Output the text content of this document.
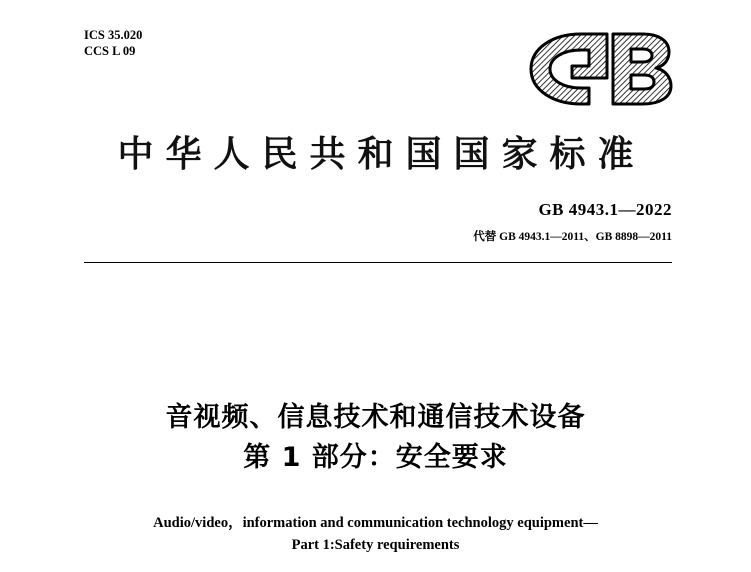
ICS 35.020
CCS L 09
中华人民共和国国家标准
GB 4943.1—2022
代替 GB 4943.1—2011、GB 8898—2011
音视频、信息技术和通信技术设备
第 1 部分：安全要求
Audio/video，information and communication technology equipment—
Part 1:Safety requirements
